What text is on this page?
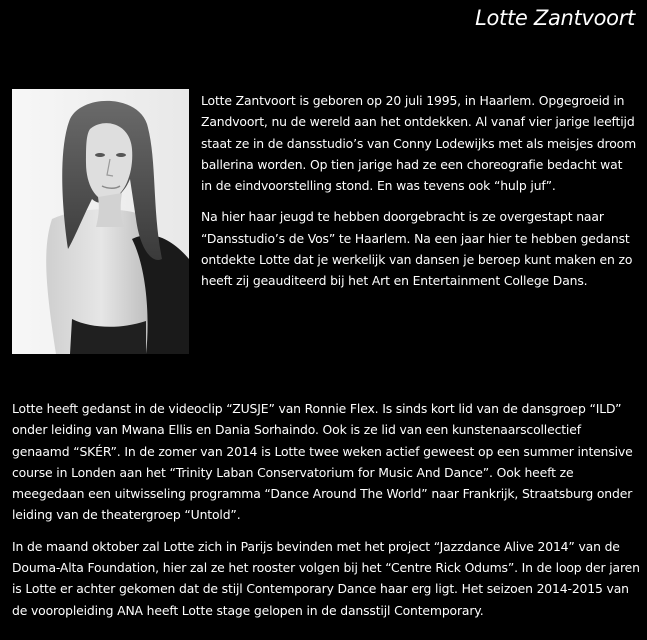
Lotte Zantvoort

Lotte Zantvoort is geboren op 20 juli 1995, in Haarlem. Opgegroeid in Zandvoort, nu de wereld aan het ontdekken. Al vanaf vier jarige leeftijd staat ze in de dansstudio’s van Conny Lodewijks met als meisjes droom ballerina worden. Op tien jarige had ze een choreografie bedacht wat in de eindvoorstelling stond. En was tevens ook “hulp juf”.

Na hier haar jeugd te hebben doorgebracht is ze overgestapt naar “Dansstudio’s de Vos” te Haarlem. Na een jaar hier te hebben gedanst ontdekte Lotte dat je werkelijk van dansen je beroep kunt maken en zo heeft zij geauditeerd bij het Art en Entertainment College Dans.

Lotte heeft gedanst in de videoclip “ZUSJE” van Ronnie Flex. Is sinds kort lid van de dansgroep “ILD” onder leiding van Mwana Ellis en Dania Sorhaindo. Ook is ze lid van een kunstenaarscollectief genaamd “SKÉR”. In de zomer van 2014 is Lotte twee weken actief geweest op een summer intensive course in Londen aan het “Trinity Laban Conservatorium for Music And Dance”. Ook heeft ze meegedaan een uitwisseling programma “Dance Around The World” naar Frankrijk, Straatsburg onder leiding van de theatergroep “Untold”.

In de maand oktober zal Lotte zich in Parijs bevinden met het project “Jazzdance Alive 2014” van de Douma-Alta Foundation, hier zal ze het rooster volgen bij het “Centre Rick Odums”. In de loop der jaren is Lotte er achter gekomen dat de stijl Contemporary Dance haar erg ligt. Het seizoen 2014-2015 van de vooropleiding ANA heeft Lotte stage gelopen in de dansstijl Contemporary.
